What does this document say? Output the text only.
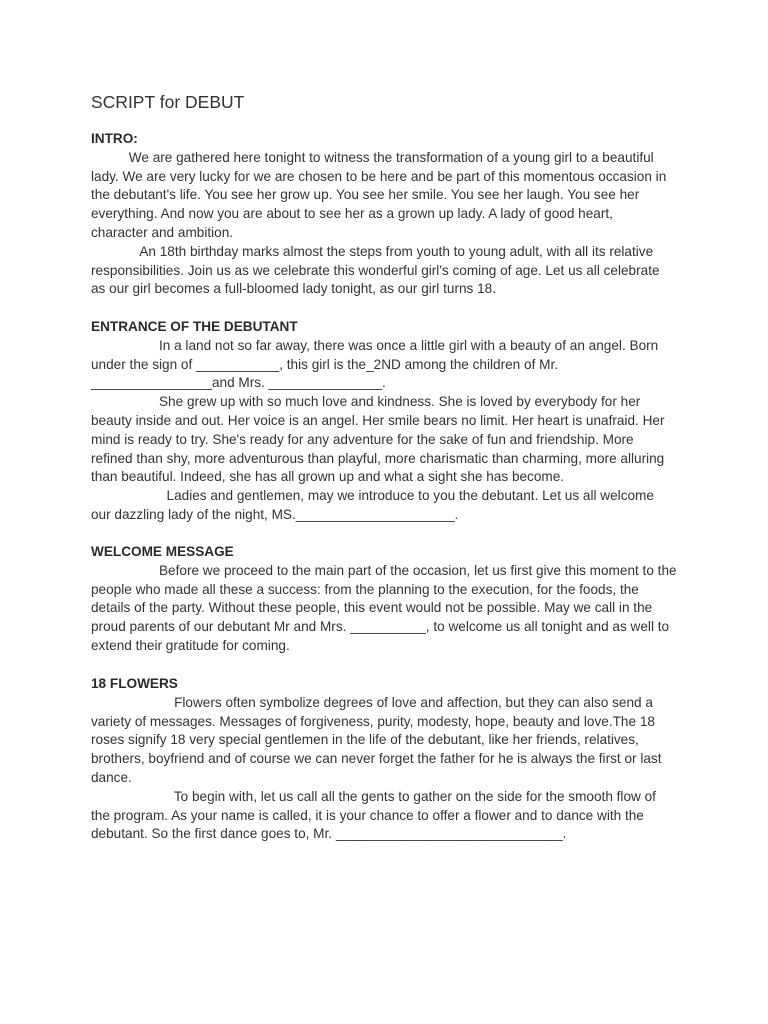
SCRIPT for DEBUT

INTRO:

We are gathered here tonight to witness the transformation of a young girl to a beautiful
lady. We are very lucky for we are chosen to be here and be part of this momentous occasion in
the debutant's life. You see her grow up. You see her smile. You see her laugh. You see her
everything. And now you are about to see her as a grown up lady. A lady of good heart,
character and ambition.
An 18th birthday marks almost the steps from youth to young adult, with all its relative
responsibilities. Join us as we celebrate this wonderful girl's coming of age. Let us all celebrate
as our girl becomes a full-bloomed lady tonight, as our girl turns 18.

ENTRANCE OF THE DEBUTANT

In a land not so far away, there was once a little girl with a beauty of an angel. Born
under the sign of ___________, this girl is the_2ND among the children of Mr.
________________and Mrs. _______________.
She grew up with so much love and kindness. She is loved by everybody for her
beauty inside and out. Her voice is an angel. Her smile bears no limit. Her heart is unafraid. Her
mind is ready to try. She's ready for any adventure for the sake of fun and friendship. More
refined than shy, more adventurous than playful, more charismatic than charming, more alluring
than beautiful. Indeed, she has all grown up and what a sight she has become.
Ladies and gentlemen, may we introduce to you the debutant. Let us all welcome
our dazzling lady of the night, MS._____________________.

WELCOME MESSAGE

Before we proceed to the main part of the occasion, let us first give this moment to the
people who made all these a success: from the planning to the execution, for the foods, the
details of the party. Without these people, this event would not be possible. May we call in the
proud parents of our debutant Mr and Mrs. __________, to welcome us all tonight and as well to
extend their gratitude for coming.

18 FLOWERS

Flowers often symbolize degrees of love and affection, but they can also send a
variety of messages. Messages of forgiveness, purity, modesty, hope, beauty and love.The 18
roses signify 18 very special gentlemen in the life of the debutant, like her friends, relatives,
brothers, boyfriend and of course we can never forget the father for he is always the first or last
dance.
To begin with, let us call all the gents to gather on the side for the smooth flow of
the program. As your name is called, it is your chance to offer a flower and to dance with the
debutant. So the first dance goes to, Mr. ______________________________.
